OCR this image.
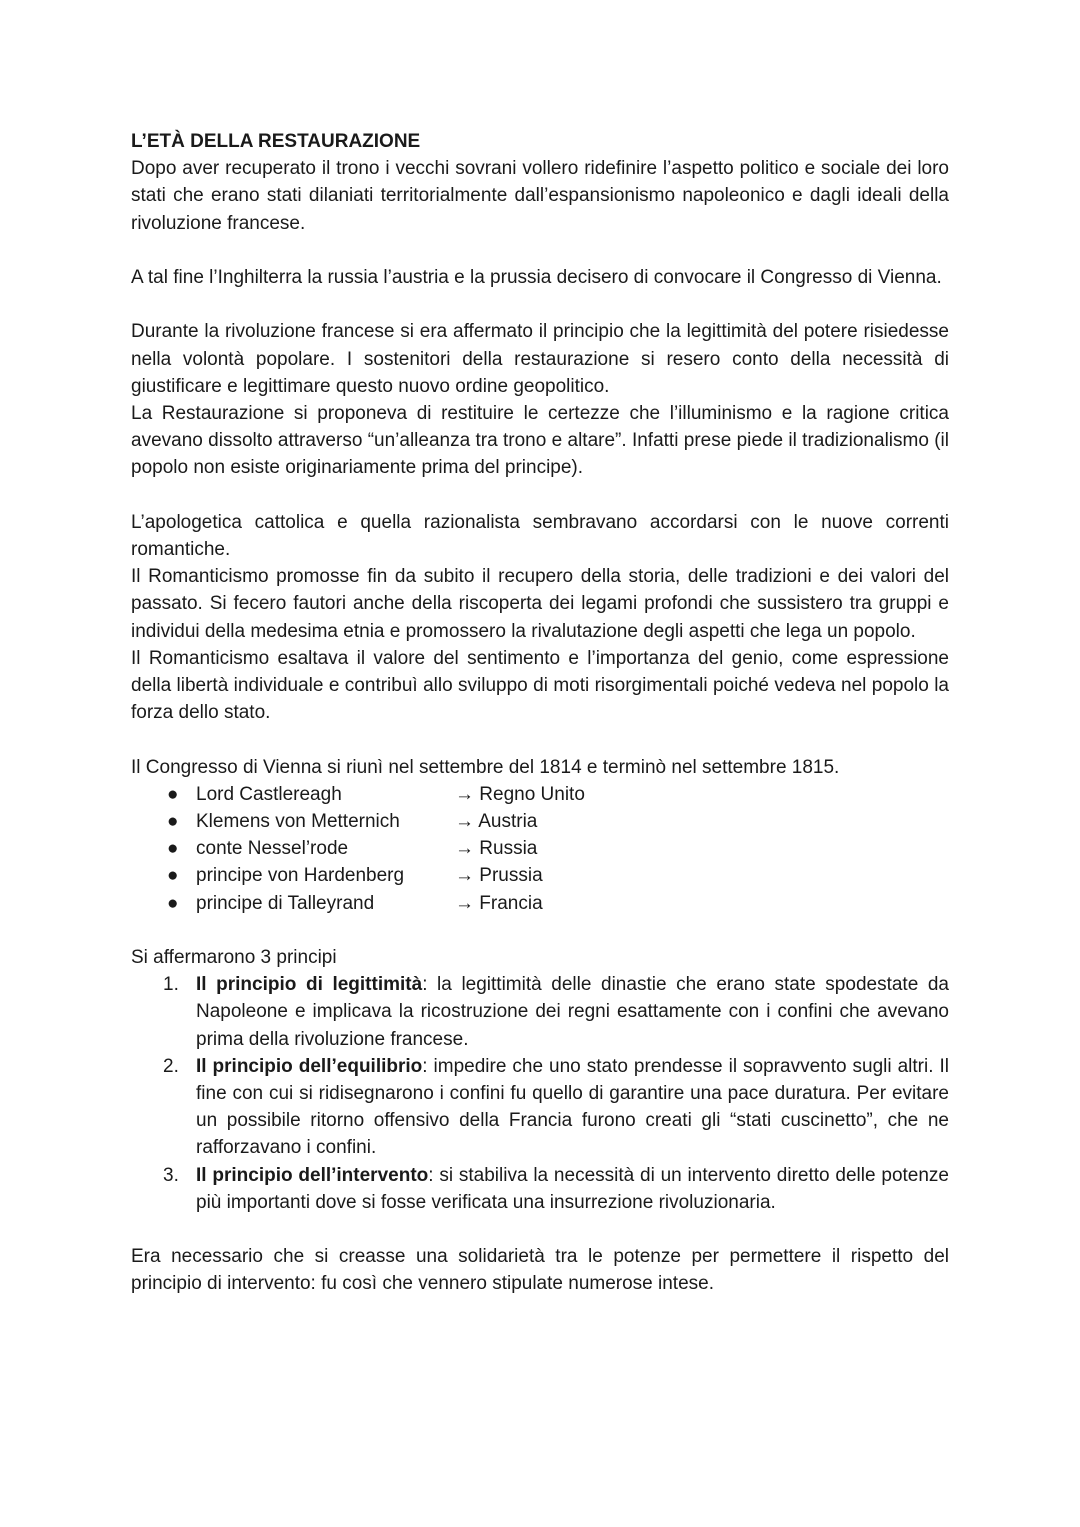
L’ETÀ DELLA RESTAURAZIONE

Dopo aver recuperato il trono i vecchi sovrani vollero ridefinire l’aspetto politico e sociale dei loro stati che erano stati dilaniati territorialmente dall’espansionismo napoleonico e dagli ideali della rivoluzione francese.

A tal fine l’Inghilterra la russia l’austria e la prussia decisero di convocare il Congresso di Vienna.

Durante la rivoluzione francese si era affermato il principio che la legittimità del potere risiedesse nella volontà popolare. I sostenitori della restaurazione si resero conto della necessità di giustificare e legittimare questo nuovo ordine geopolitico.

La Restaurazione si proponeva di restituire le certezze che l’illuminismo e la ragione critica avevano dissolto attraverso “un’alleanza tra trono e altare”. Infatti prese piede il tradizionalismo (il popolo non esiste originariamente prima del principe).

L’apologetica cattolica e quella razionalista sembravano accordarsi con le nuove correnti romantiche.

Il Romanticismo promosse fin da subito il recupero della storia, delle tradizioni e dei valori del passato. Si fecero fautori anche della riscoperta dei legami profondi che sussistero tra gruppi e individui della medesima etnia e promossero la rivalutazione degli aspetti che lega un popolo.

Il Romanticismo esaltava il valore del sentimento e l’importanza del genio, come espressione della libertà individuale e contribuì allo sviluppo di moti risorgimentali poiché vedeva nel popolo la forza dello stato.

Il Congresso di Vienna si riunì nel settembre del 1814 e terminò nel settembre 1815.

● Lord Castlereagh	→ Regno Unito
● Klemens von Metternich	→ Austria
● conte Nessel’rode	→ Russia
● principe von Hardenberg	→ Prussia
● principe di Talleyrand	→ Francia

Si affermarono 3 principi

1. Il principio di legittimità: la legittimità delle dinastie che erano state spodestate da Napoleone e implicava la ricostruzione dei regni esattamente con i confini che avevano prima della rivoluzione francese.
2. Il principio dell’equilibrio: impedire che uno stato prendesse il sopravvento sugli altri. Il fine con cui si ridisegnarono i confini fu quello di garantire una pace duratura. Per evitare un possibile ritorno offensivo della Francia furono creati gli “stati cuscinetto”, che ne rafforzavano i confini.
3. Il principio dell’intervento: si stabiliva la necessità di un intervento diretto delle potenze più importanti dove si fosse verificata una insurrezione rivoluzionaria.

Era necessario che si creasse una solidarietà tra le potenze per permettere il rispetto del principio di intervento: fu così che vennero stipulate numerose intese.
